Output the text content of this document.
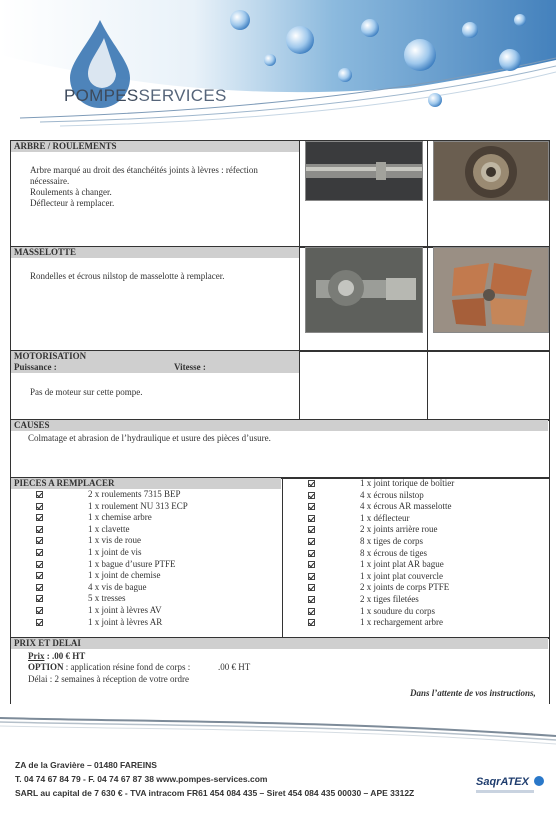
POMPESSERVICES
ARBRE / ROULEMENTS
Arbre marqué au droit des étanchéités joints à lèvres : réfection
nécessaire.
Roulements à changer.
Déflecteur à remplacer.
MASSELOTTE
Rondelles et écrous nilstop de masselotte à remplacer.
MOTORISATION
Puissance :	Vitesse :
Pas de moteur sur cette pompe.
CAUSES
Colmatage et abrasion de l’hydraulique et usure des pièces d’usure.
PIECES A REMPLACER
2 x roulements 7315 BEP
1 x roulement NU 313 ECP
1 x chemise arbre
1 x clavette
1 x vis de roue
1 x joint de vis
1 x bague d’usure PTFE
1 x joint de chemise
4 x vis de bague
5 x tresses
1 x joint à lèvres AV
1 x joint à lèvres AR
1 x joint torique de boîtier
4 x écrous nilstop
4 x écrous AR masselotte
1 x déflecteur
2 x joints arrière roue
8 x tiges de corps
8 x écrous de tiges
1 x joint plat AR bague
1 x joint plat couvercle
2 x joints de corps PTFE
2 x tiges filetées
1 x soudure du corps
1 x rechargement arbre
PRIX ET DELAI
Prix : .00 € HT
OPTION : application résine fond de corps :	.00 € HT
Délai : 2 semaines à réception de votre ordre
Dans l’attente de vos instructions,
ZA de la Gravière – 01480 FAREINS
T. 04 74 67 84 79 - F. 04 74 67 87 38 www.pompes-services.com
SARL au capital de 7 630 € - TVA intracom FR61 454 084 435 – Siret 454 084 435 00030 – APE 3312Z
SaqrATEX
